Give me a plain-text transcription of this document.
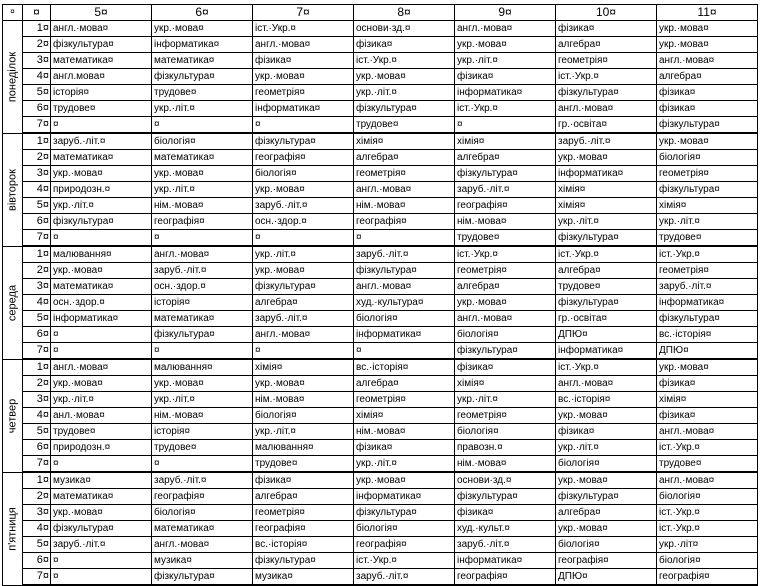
¤	¤	5¤	6¤	7¤	8¤	9¤	10¤	11¤

понеділок	1¤	англ.·мова¤	укр.·мова¤	іст.·Укр.¤	основи·зд.¤	англ.·мова¤	фізика¤	укр.·мова¤
	2¤	фізкультура¤	інформатика¤	англ.·мова¤	фізика¤	укр.·мова¤	алгебра¤	укр.·мова¤
	3¤	математика¤	математика¤	фізика¤	іст.·Укр.¤	укр.·літ.¤	геометрія¤	англ.·мова¤
	4¤	англ.мова¤	фізкультура¤	укр.·мова¤	укр.·мова¤	фізика¤	іст.·Укр.¤	алгебра¤
	5¤	історія¤	трудове¤	геометрія¤	укр.·літ.¤	інформатика¤	фізкультура¤	фізика¤
	6¤	трудове¤	укр.·літ.¤	інформатика¤	фізкультура¤	іст.·Укр.¤	англ.·мова¤	фізика¤
	7¤	¤	¤	¤	трудове¤	¤	гр.·освіта¤	фізкультура¤

вівторок	1¤	заруб.·літ.¤	біологія¤	фізкультура¤	хімія¤	хімія¤	заруб.·літ.¤	укр.·мова¤
	2¤	математика¤	математика¤	географія¤	алгебра¤	алгебра¤	укр.·мова¤	біологія¤
	3¤	укр.·мова¤	укр.·мова¤	біологія¤	геометрія¤	фізкультура¤	інформатика¤	геометрія¤
	4¤	природозн.¤	укр.·літ.¤	укр.·мова¤	англ.·мова¤	заруб.·літ.¤	хімія¤	фізкультура¤
	5¤	укр.·літ.¤	нім.·мова¤	заруб.·літ.¤	нім.·мова¤	географія¤	хімія¤	хімія¤
	6¤	фізкультура¤	географія¤	осн.·здор.¤	географія¤	нім.·мова¤	укр.·літ.¤	укр.·літ.¤
	7¤	¤	¤	¤	¤	трудове¤	фізкультура¤	трудове¤

середа	1¤	малювання¤	англ.·мова¤	укр.·літ.¤	заруб.·літ.¤	іст.·Укр.¤	іст.·Укр.¤	іст.·Укр.¤
	2¤	укр.·мова¤	заруб.·літ.¤	укр.·мова¤	фізкультура¤	геометрія¤	алгебра¤	геометрія¤
	3¤	математика¤	осн.·здор.¤	фізкультура¤	англ.·мова¤	алгебра¤	трудове¤	заруб.·літ.¤
	4¤	осн.·здор.¤	історія¤	алгебра¤	худ.·культура¤	укр.·мова¤	фізкультура¤	інформатика¤
	5¤	інформатика¤	математика¤	заруб.·літ.¤	біологія¤	англ.·мова¤	гр.·освіта¤	фізкультура¤
	6¤	¤	фізкультура¤	англ.·мова¤	інформатика¤	біологія¤	ДПЮ¤	вс.·історія¤
	7¤	¤	¤	¤	¤	фізкультура¤	інформатика¤	ДПЮ¤

четвер	1¤	англ.·мова¤	малювання¤	хімія¤	вс.·історія¤	фізика¤	іст.·Укр.¤	укр.·мова¤
	2¤	укр.·мова¤	укр.·мова¤	укр.·мова¤	алгебра¤	хімія¤	англ.·мова¤	фізика¤
	3¤	укр.·літ.¤	укр.·літ.¤	нім.·мова¤	геометрія¤	укр.·літ.¤	вс.·історія¤	хімія¤
	4¤	анл.·мова¤	нім.·мова¤	біологія¤	хімія¤	геометрія¤	укр.·мова¤	фізика¤
	5¤	трудове¤	історія¤	укр.·літ.¤	нім.·мова¤	біологія¤	фізика¤	англ.·мова¤
	6¤	природозн.¤	трудове¤	малювання¤	фізика¤	правозн.¤	укр.·літ.¤	іст.·Укр.¤
	7¤	¤	¤	трудове¤	укр.·літ.¤	нім.·мова¤	біологія¤	трудове¤

п'ятниця	1¤	музика¤	заруб.·літ.¤	фізика¤	укр.·мова¤	основи·зд.¤	укр.·мова¤	англ.·мова¤
	2¤	математика¤	географія¤	алгебра¤	інформатика¤	фізкультура¤	фізкультура¤	біологія¤
	3¤	укр.·мова¤	біологія¤	геометрія¤	фізкультура¤	фізика¤	алгебра¤	іст.·Укр.¤
	4¤	фізкультура¤	математика¤	географія¤	біологія¤	худ.·культ.¤	укр.·мова¤	іст.·Укр.¤
	5¤	заруб.·літ.¤	англ.·мова¤	вс.·історія¤	географія¤	заруб.·літ.¤	біологія¤	укр.·літ¤
	6¤	¤	музика¤	фізкультура¤	іст.·Укр.¤	інформатика¤	географія¤	біологія¤
	7¤	¤	фізкультура¤	музика¤	заруб.·літ.¤	географія¤	ДПЮ¤	географія¤
